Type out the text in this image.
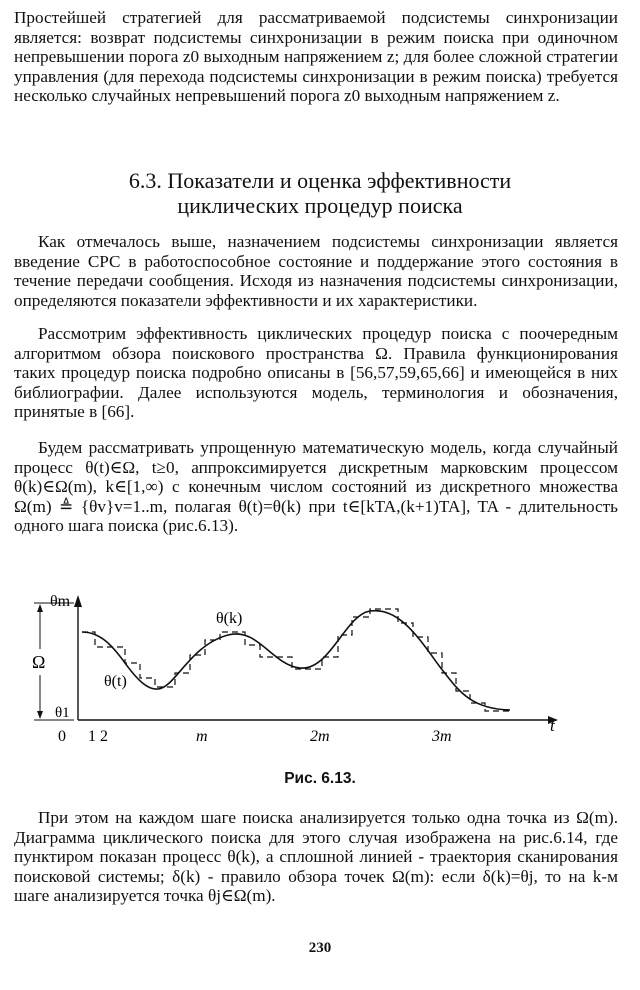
Простейшей стратегией для рассматриваемой подсистемы синхронизации является: возврат подсистемы синхронизации в режим поиска при одиночном непревышении порога z0 выходным напряжением z; для более сложной стратегии управления (для перехода подсистемы синхронизации в режим поиска) требуется несколько случайных непревышений порога z0 выходным напряжением z.

6.3. Показатели и оценка эффективности
циклических процедур поиска

Как отмечалось выше, назначением подсистемы синхронизации является введение СРС в работоспособное состояние и поддержание этого состояния в течение передачи сообщения. Исходя из назначения подсистемы синхронизации, определяются показатели эффективности и их характеристики.

Рассмотрим эффективность циклических процедур поиска с поочередным алгоритмом обзора поискового пространства Ω. Правила функционирования таких процедур поиска подробно описаны в [56,57,59,65,66] и имеющейся в них библиографии. Далее используются модель, терминология и обозначения, принятые в [66].

Будем рассматривать упрощенную математическую модель, когда случайный процесс θ(t)∈Ω, t≥0, аппроксимируется дискретным марковским процессом θ(k)∈Ω(m), k∈[1,∞) с конечным числом состояний из дискретного множества Ω(m) ≜ {θv}v=1..m, полагая θ(t)=θ(k) при t∈[kTA,(k+1)TA], TA - длительность одного шага поиска (рис.6.13).

θm
θ1
Ω
θ(k)
θ(t)
t
0 1 2	m	2m	3m
Рис. 6.13.

При этом на каждом шаге поиска анализируется только одна точка из Ω(m). Диаграмма циклического поиска для этого случая изображена на рис.6.14, где пунктиром показан процесс θ(k), а сплошной линией - траектория сканирования поисковой системы; δ(k) - правило обзора точек Ω(m): если δ(k)=θj, то на k-м шаге анализируется точка θj∈Ω(m).

230
